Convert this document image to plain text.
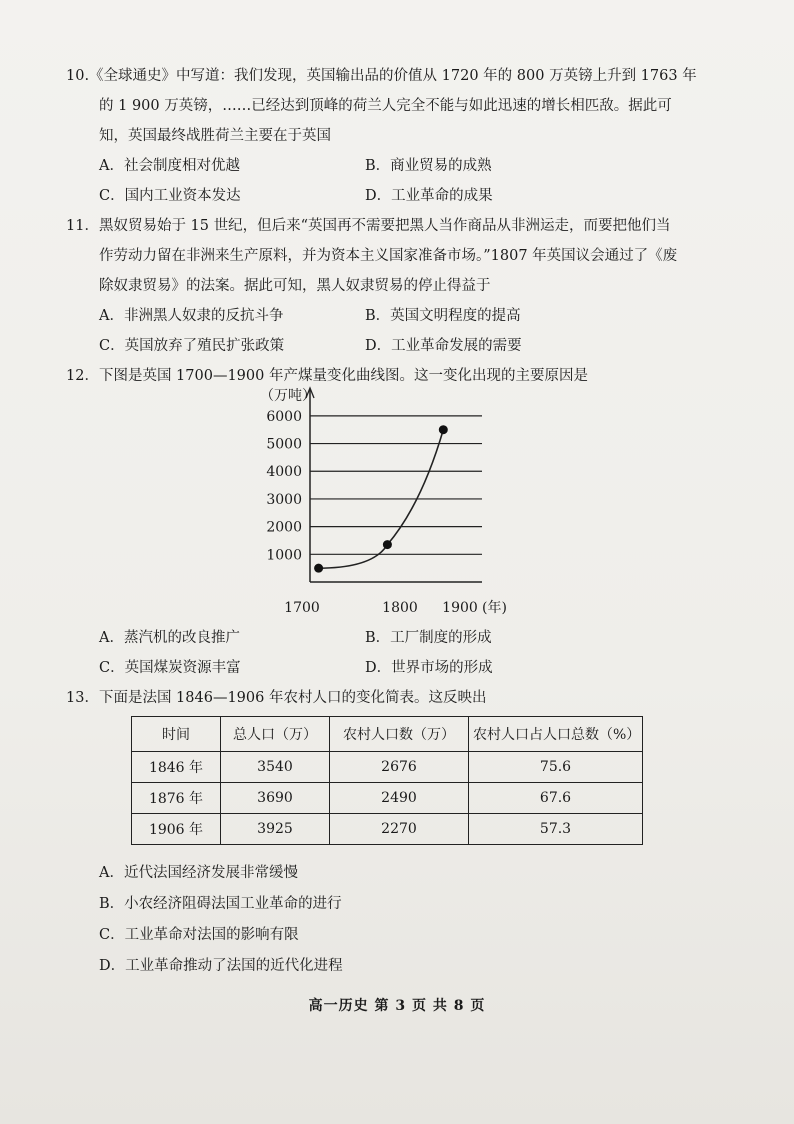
10.《全球通史》中写道：我们发现，英国输出品的价值从 1720 年的 800 万英镑上升到 1763 年
的 1 900 万英镑，……已经达到顶峰的荷兰人完全不能与如此迅速的增长相匹敌。据此可
知，英国最终战胜荷兰主要在于英国
A．社会制度相对优越	B．商业贸易的成熟
C．国内工业资本发达	D．工业革命的成果
11．黑奴贸易始于 15 世纪，但后来“英国再不需要把黑人当作商品从非洲运走，而要把他们当
作劳动力留在非洲来生产原料，并为资本主义国家准备市场。”1807 年英国议会通过了《废
除奴隶贸易》的法案。据此可知，黑人奴隶贸易的停止得益于
A．非洲黑人奴隶的反抗斗争	B．英国文明程度的提高
C．英国放弃了殖民扩张政策	D．工业革命发展的需要
12．下图是英国 1700—1900 年产煤量变化曲线图。这一变化出现的主要原因是
1000
2000
3000
4000
5000
6000
（万吨）
1700	1800 1900 (年)
A．蒸汽机的改良推广	B．工厂制度的形成
C．英国煤炭资源丰富	D．世界市场的形成
13．下面是法国 1846—1906 年农村人口的变化简表。这反映出
时间	总人口（万）	农村人口数（万）	农村人口占人口总数（%）
1846 年	3540	2676	75.6
1876 年	3690	2490	67.6
1906 年	3925	2270	57.3
A．近代法国经济发展非常缓慢
B．小农经济阻碍法国工业革命的进行
C．工业革命对法国的影响有限
D．工业革命推动了法国的近代化进程
高一历史 第 3 页 共 8 页
